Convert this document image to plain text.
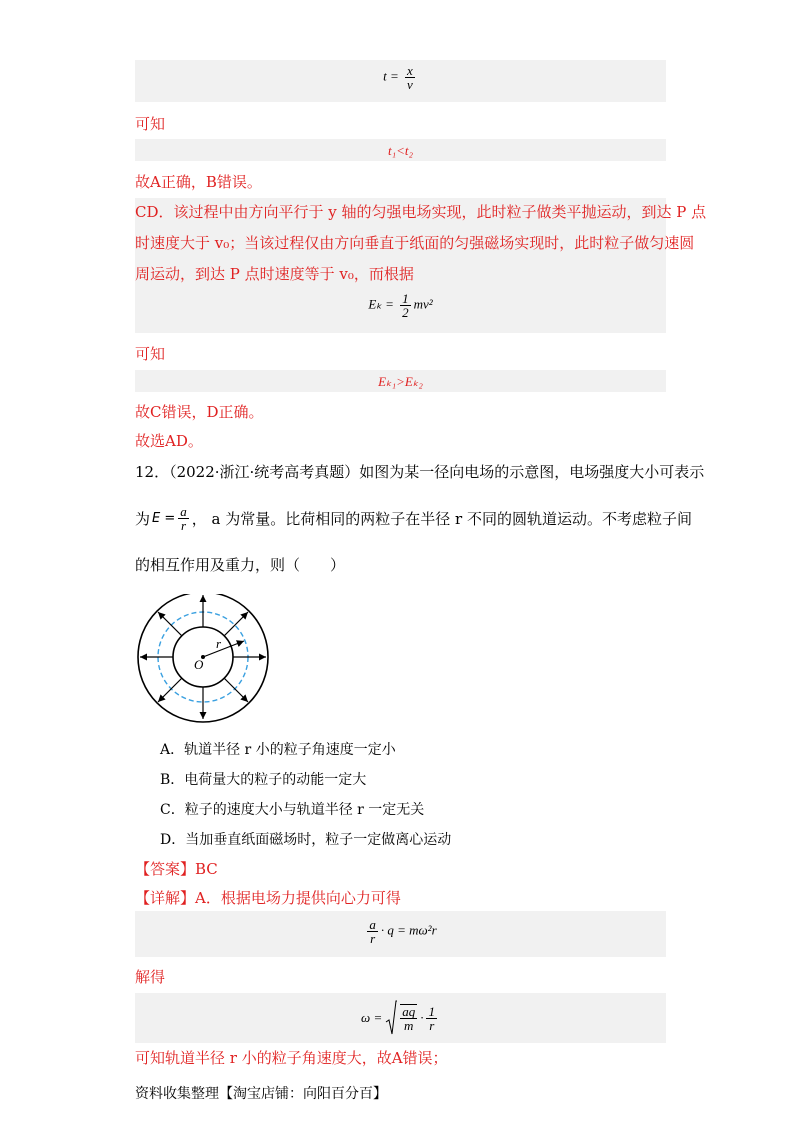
$t = \frac{x}{v}$
可知
t₁<t₂
故A正确，B错误。
CD．该过程中由方向平行于 y 轴的匀强电场实现，此时粒子做类平抛运动，到达 P 点
时速度大于 v₀；当该过程仅由方向垂直于纸面的匀强磁场实现时，此时粒子做匀速圆
周运动，到达 P 点时速度等于 v₀，而根据
$E_k = \frac{1}{2} mv^2$
可知
Eₖ₁>Eₖ₂
故C错误，D正确。
故选AD。
12．（2022·浙江·统考高考真题）如图为某一径向电场的示意图，电场强度大小可表示
为 $E = \frac{a}{r}$ ， a 为常量。比荷相同的两粒子在半径 r 不同的圆轨道运动。不考虑粒子间
的相互作用及重力，则（　　）
r
O
A．轨道半径 r 小的粒子角速度一定小
B．电荷量大的粒子的动能一定大
C．粒子的速度大小与轨道半径 r 一定无关
D．当加垂直纸面磁场时，粒子一定做离心运动
【答案】BC
【详解】A．根据电场力提供向心力可得
$\frac{a}{r} \cdot q = m\omega^2r$
解得
$\omega = \frac{aq}{m} \cdot \frac{1}{r}$
可知轨道半径 r 小的粒子角速度大，故A错误；
资料收集整理【淘宝店铺：向阳百分百】
